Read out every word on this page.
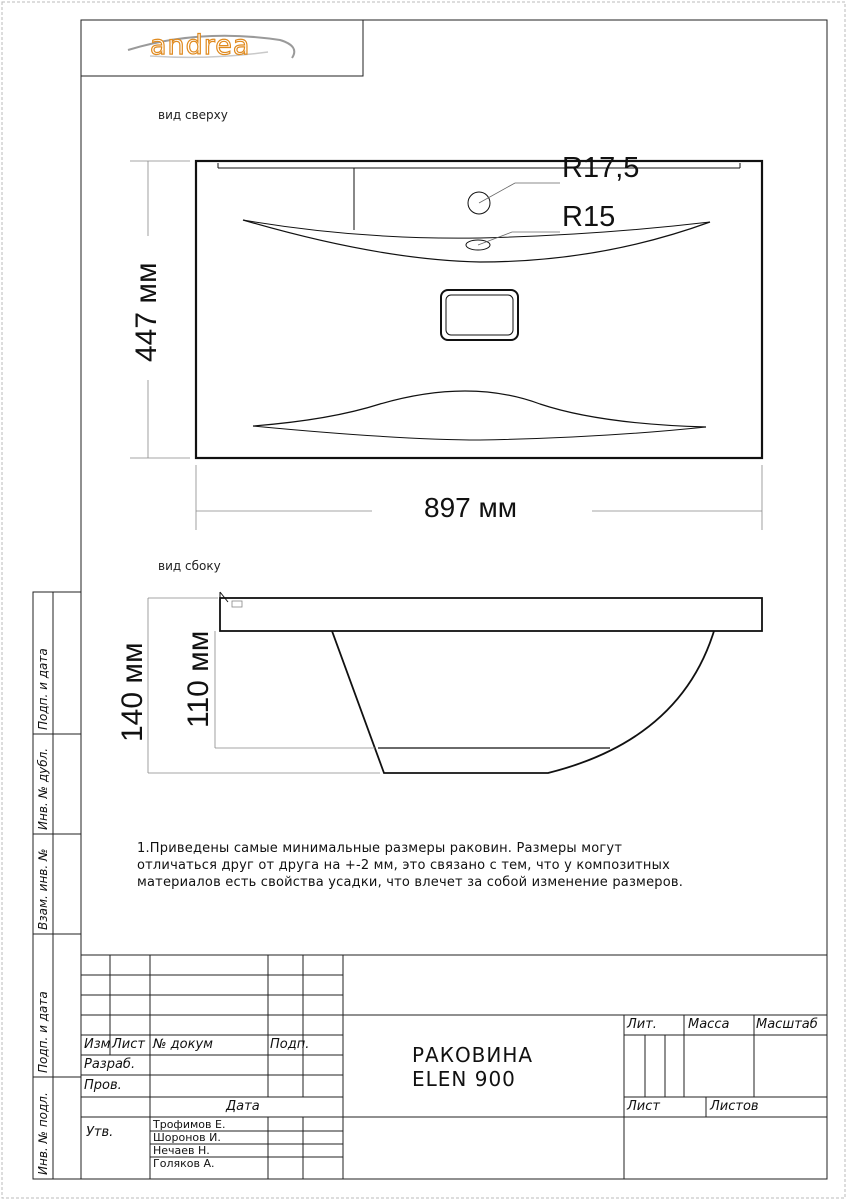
andrea
вид сверху
вид сбоку
447 мм
897 мм
R17,5
R15
140 мм 110 мм
1.Приведены самые минимальные размеры раковин. Размеры могут
отличаться друг от друга на +-2 мм, это связано с тем, что у композитных
материалов есть свойства усадки, что влечет за собой изменение размеров.
Подп. и дата
Инв. № дубл.
Взам. инв. №
Подп. и дата
Инв. № подл.
Изм Лист № докум	Подп.
Разраб.
Пров.
Дата
Утв.
Трофимов Е.
Шоронов И.
Нечаев Н.
Голяков А.
РАКОВИНА
ELEN 900
Лит. Масса Масштаб
Лист	Листов
